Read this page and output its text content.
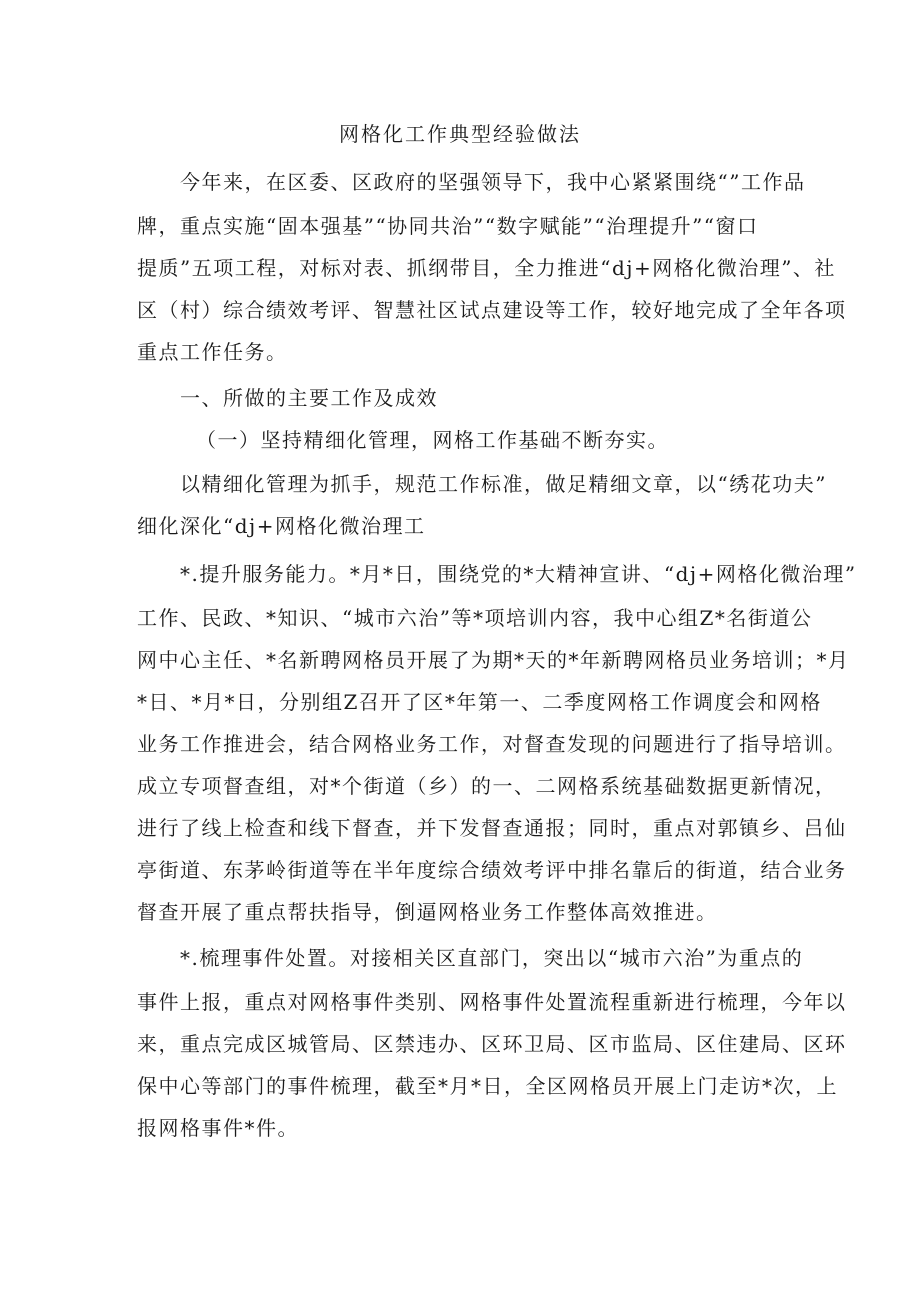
网格化工作典型经验做法
今年来，在区委、区政府的坚强领导下，我中心紧紧围绕“”工作品
牌，重点实施“固本强基”“协同共治”“数字赋能”“治理提升”“窗口
提质”五项工程，对标对表、抓纲带目，全力推进“dj+网格化微治理”、社
区（村）综合绩效考评、智慧社区试点建设等工作，较好地完成了全年各项
重点工作任务。
一、所做的主要工作及成效
（一）坚持精细化管理，网格工作基础不断夯实。
以精细化管理为抓手，规范工作标准，做足精细文章，以“绣花功夫”
细化深化“dj+网格化微治理工
*.提升服务能力。*月*日，围绕党的*大精神宣讲、“dj+网格化微治理”
工作、民政、*知识、“城市六治”等*项培训内容，我中心组Z*名街道公
网中心主任、*名新聘网格员开展了为期*天的*年新聘网格员业务培训；*月
*日、*月*日，分别组Z召开了区*年第一、二季度网格工作调度会和网格
业务工作推进会，结合网格业务工作，对督查发现的问题进行了指导培训。
成立专项督查组，对*个街道（乡）的一、二网格系统基础数据更新情况，
进行了线上检查和线下督查，并下发督查通报；同时，重点对郭镇乡、吕仙
亭街道、东茅岭街道等在半年度综合绩效考评中排名靠后的街道，结合业务
督查开展了重点帮扶指导，倒逼网格业务工作整体高效推进。
*.梳理事件处置。对接相关区直部门，突出以“城市六治”为重点的
事件上报，重点对网格事件类别、网格事件处置流程重新进行梳理，今年以
来，重点完成区城管局、区禁违办、区环卫局、区市监局、区住建局、区环
保中心等部门的事件梳理，截至*月*日，全区网格员开展上门走访*次，上
报网格事件*件。
